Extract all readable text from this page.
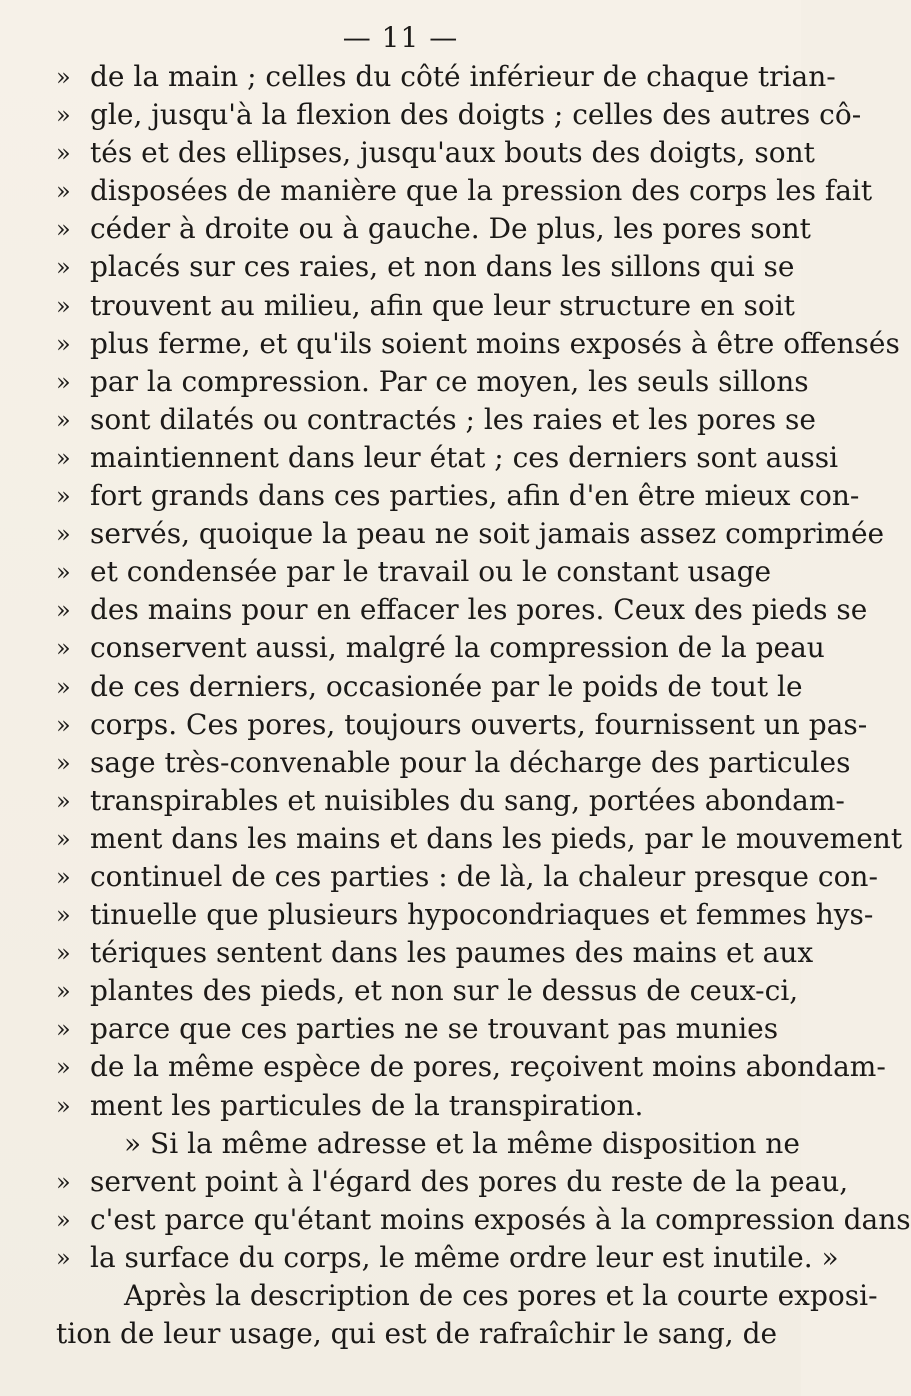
— 11 —
» de la main ; celles du côté inférieur de chaque trian-
» gle, jusqu'à la flexion des doigts ; celles des autres cô-
» tés et des ellipses, jusqu'aux bouts des doigts, sont
» disposées de manière que la pression des corps les fait
» céder à droite ou à gauche. De plus, les pores sont
» placés sur ces raies, et non dans les sillons qui se
» trouvent au milieu, afin que leur structure en soit
» plus ferme, et qu'ils soient moins exposés à être offensés
» par la compression. Par ce moyen, les seuls sillons
» sont dilatés ou contractés ; les raies et les pores se
» maintiennent dans leur état ; ces derniers sont aussi
» fort grands dans ces parties, afin d'en être mieux con-
» servés, quoique la peau ne soit jamais assez comprimée
» et condensée par le travail ou le constant usage
» des mains pour en effacer les pores. Ceux des pieds se
» conservent aussi, malgré la compression de la peau
» de ces derniers, occasionée par le poids de tout le
» corps. Ces pores, toujours ouverts, fournissent un pas-
» sage très-convenable pour la décharge des particules
» transpirables et nuisibles du sang, portées abondam-
» ment dans les mains et dans les pieds, par le mouvement
» continuel de ces parties : de là, la chaleur presque con-
» tinuelle que plusieurs hypocondriaques et femmes hys-
» tériques sentent dans les paumes des mains et aux
» plantes des pieds, et non sur le dessus de ceux-ci,
» parce que ces parties ne se trouvant pas munies
» de la même espèce de pores, reçoivent moins abondam-
» ment les particules de la transpiration.
» Si la même adresse et la même disposition ne
» servent point à l'égard des pores du reste de la peau,
» c'est parce qu'étant moins exposés à la compression dans
» la surface du corps, le même ordre leur est inutile. »
Après la description de ces pores et la courte exposi-
tion de leur usage, qui est de rafraîchir le sang, de
